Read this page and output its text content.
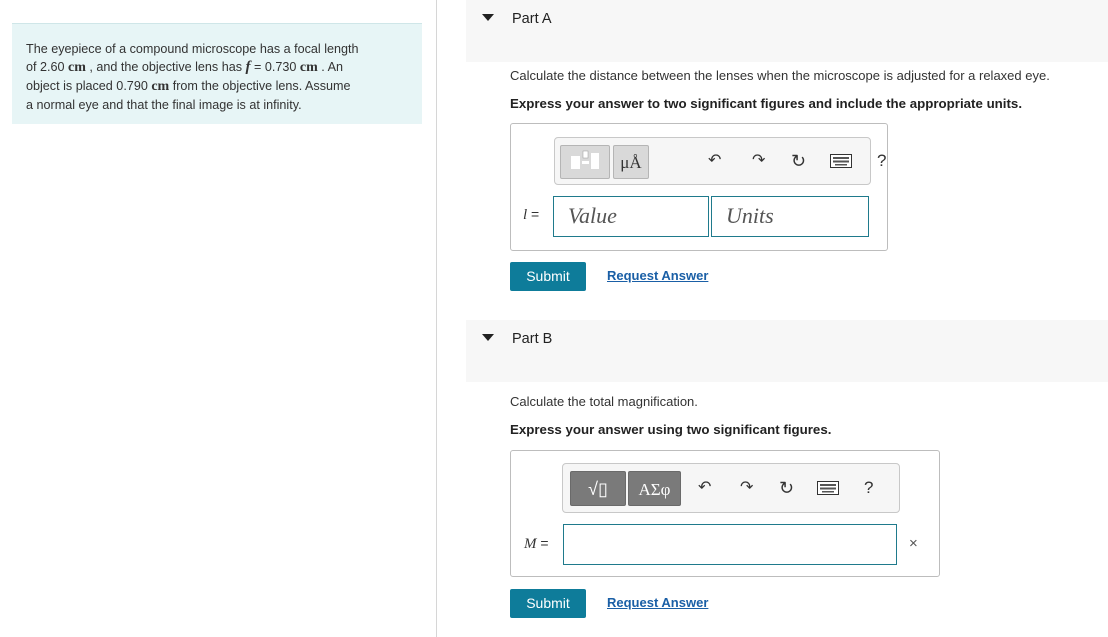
The eyepiece of a compound microscope has a focal length
of 2.60 cm , and the objective lens has f = 0.730 cm . An
object is placed 0.790 cm from the objective lens. Assume
a normal eye and that the final image is at infinity.
Part A
Calculate the distance between the lenses when the microscope is adjusted for a relaxed eye.
Express your answer to two significant figures and include the appropriate units.
μÅ	↶ ↷ ↻	?
l =	Value	Units
Submit	Request Answer
Part B
Calculate the total magnification.
Express your answer using two significant figures.
√▯	ΑΣφ	↶ ↷ ↻	?
M =	×
Submit	Request Answer
